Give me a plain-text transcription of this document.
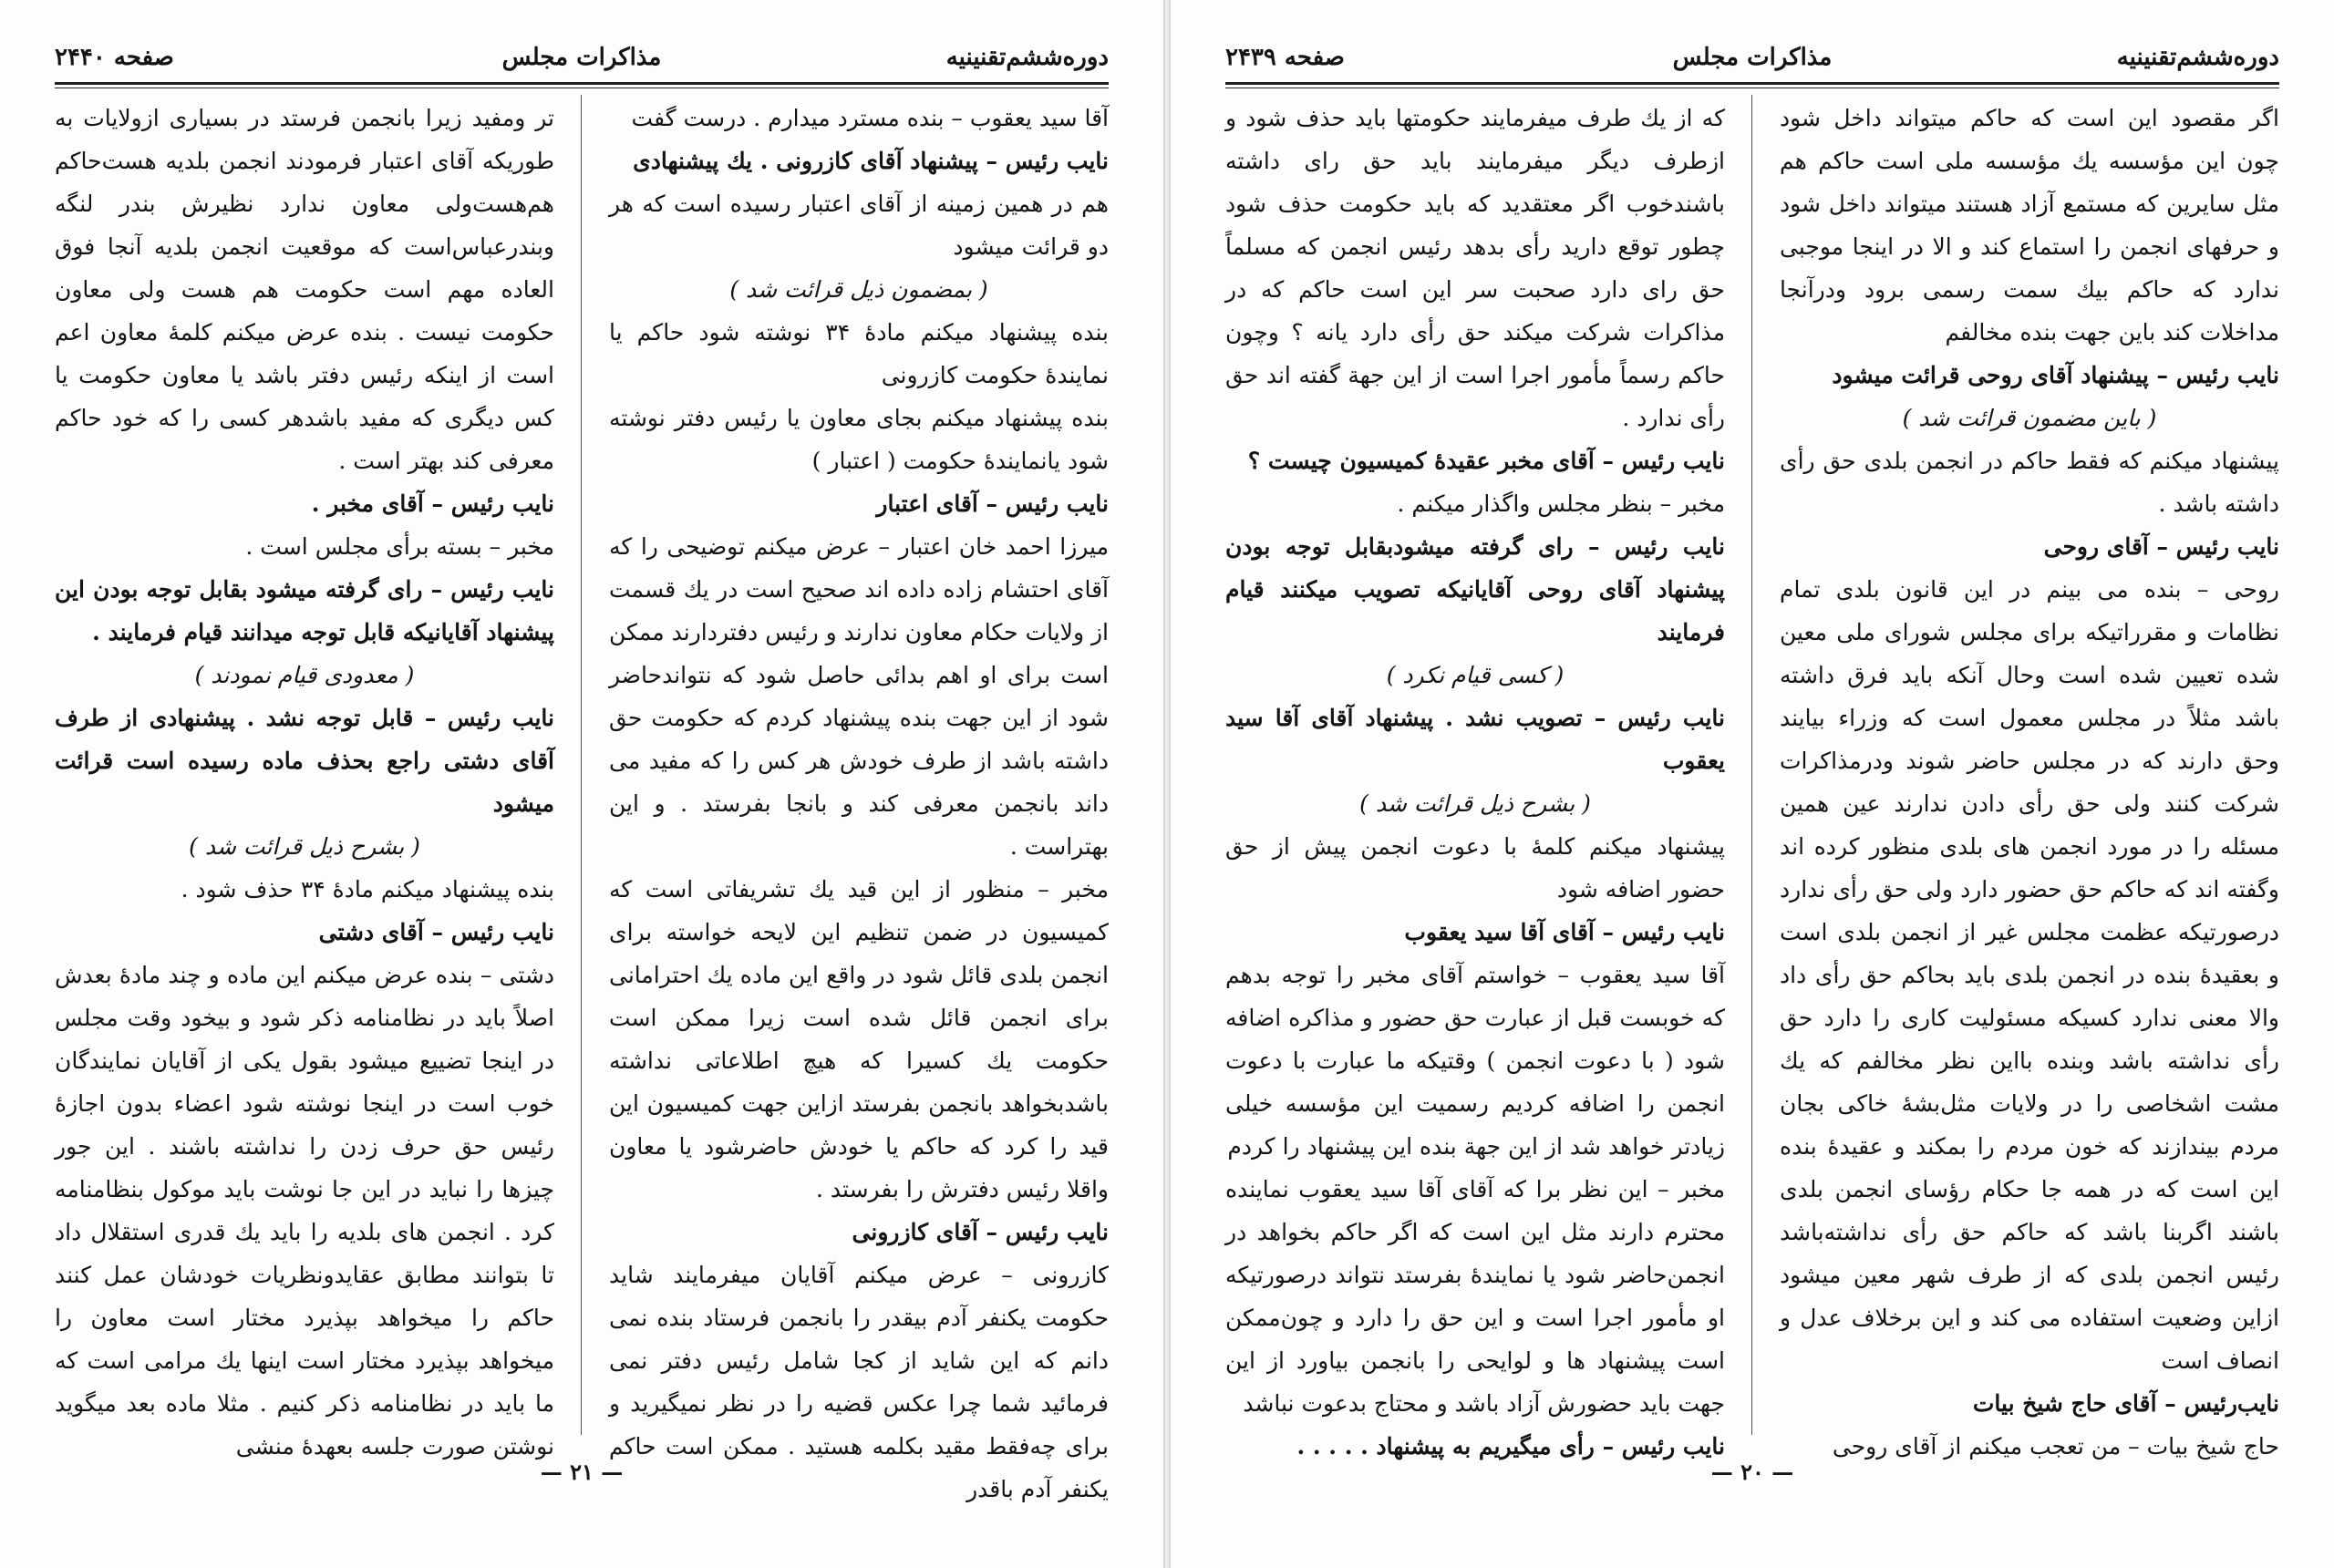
صفحه ۲۴۴۰	مذاکرات مجلس	دوره‌ششم‌تقنینیه
آقا سید یعقوب – بنده مسترد میدارم . درست گفت
نایب رئیس – پیشنهاد آقای کازرونی . یك پیشنهادی
هم در همین زمینه از آقای اعتبار رسیده است که هر دو قرائت میشود
( بمضمون ذیل قرائت شد )
بنده پیشنهاد میکنم مادهٔ ۳۴ نوشته شود حاکم یا نمایندهٔ حکومت کازرونی
بنده پیشنهاد میکنم بجای معاون یا رئیس دفتر نوشته شود یانمایندهٔ حکومت ( اعتبار )
نایب رئیس – آقای اعتبار
میرزا احمد خان اعتبار – عرض میکنم توضیحی را که آقای احتشام زاده داده اند صحیح است در یك قسمت از ولایات حکام معاون ندارند و رئیس دفتردارند ممکن است برای او اهم بدائی حاصل شود که نتواندحاضر شود از این جهت بنده پیشنهاد کردم که حکومت حق داشته باشد از طرف خودش هر کس را که مفید می داند بانجمن معرفی کند و بانجا بفرستد . و این بهتراست .
مخبر – منظور از این قید یك تشریفاتی است که کمیسیون در ضمن تنظیم این لایحه خواسته برای انجمن بلدی قائل شود در واقع این ماده یك احترامانی برای انجمن قائل شده است زیرا ممکن است حکومت یك کسیرا که هیچ اطلاعاتی نداشته باشدبخواهد بانجمن بفرستد ازاین جهت کمیسیون این قید را کرد که حاکم یا خودش حاضرشود یا معاون واقلا رئیس دفترش را بفرستد .
نایب رئیس – آقای کازرونی
کازرونی – عرض میکنم آقایان میفرمایند شاید حکومت یکنفر آدم بیقدر را بانجمن فرستاد بنده نمی دانم که این شاید از کجا شامل رئیس دفتر نمی فرمائید شما چرا عکس قضیه را در نظر نمیگیرید و برای چه‌فقط مقید بکلمه هستید . ممکن است حاکم یکنفر آدم باقدر
تر ومفید زیرا بانجمن فرستد در بسیاری ازولایات به طوریکه آقای اعتبار فرمودند انجمن بلدیه هست‌حاکم هم‌هست‌ولی معاون ندارد نظیرش بندر لنگه وبندرعباس‌است که موقعیت انجمن بلدیه آنجا فوق العاده مهم است حکومت هم هست ولی معاون حکومت نیست . بنده عرض میکنم کلمهٔ معاون اعم است از اینکه رئیس دفتر باشد یا معاون حکومت یا کس دیگری که مفید باشدهر کسی را که خود حاکم معرفی کند بهتر است .
نایب رئیس – آقای مخبر .
مخبر – بسته برأی مجلس است .
نایب رئیس – رای گرفته میشود بقابل توجه بودن این پیشنهاد آقایانیکه قابل توجه میدانند قیام فرمایند .
( معدودی قیام نمودند )
نایب رئیس – قابل توجه نشد . پیشنهادی از طرف آقای دشتی راجع بحذف ماده رسیده است قرائت میشود
( بشرح ذیل قرائت شد )
بنده پیشنهاد میکنم مادهٔ ۳۴ حذف شود .
نایب رئیس – آقای دشتی
دشتی – بنده عرض میکنم این ماده و چند مادهٔ بعدش اصلاً باید در نظامنامه ذکر شود و بیخود وقت مجلس در اینجا تضییع میشود بقول یکی از آقایان نمایندگان خوب است در اینجا نوشته شود اعضاء بدون اجازهٔ رئیس حق حرف زدن را نداشته باشند . این جور چیزها را نباید در این جا نوشت باید موکول بنظامنامه کرد . انجمن های بلدیه را باید یك قدری استقلال داد تا بتوانند مطابق عقایدونظریات خودشان عمل کنند حاکم را میخواهد بپذیرد مختار است معاون را میخواهد بپذیرد مختار است اینها یك مرامی است که ما باید در نظامنامه ذکر کنیم . مثلا ماده بعد میگوید نوشتن صورت جلسه بعهدهٔ منشی
— ۲۱ —
صفحه ۲۴۳۹	مذاکرات مجلس	دوره‌ششم‌تقنینیه
اگر مقصود این است که حاکم میتواند داخل شود چون این مؤسسه یك مؤسسه ملی است حاکم هم مثل سایرین که مستمع آزاد هستند میتواند داخل شود و حرفهای انجمن را استماع کند و الا در اینجا موجبی ندارد که حاکم بیك سمت رسمی برود ودرآنجا مداخلات کند باین جهت بنده مخالفم
نایب رئیس – پیشنهاد آقای روحی قرائت میشود
( باین مضمون قرائت شد )
پیشنهاد میکنم که فقط حاکم در انجمن بلدی حق رأی داشته باشد .
نایب رئیس – آقای روحی
روحی – بنده می بینم در این قانون بلدی تمام نظامات و مقرراتیکه برای مجلس شورای ملی معین شده تعیین شده است وحال آنکه باید فرق داشته باشد مثلاً در مجلس معمول است که وزراء بیایند وحق دارند که در مجلس حاضر شوند ودرمذاکرات شرکت کنند ولی حق رأی دادن ندارند عین همین مسئله را در مورد انجمن های بلدی منظور کرده اند وگفته اند که حاکم حق حضور دارد ولی حق رأی ندارد درصورتیکه عظمت مجلس غیر از انجمن بلدی است و بعقیدهٔ بنده در انجمن بلدی باید بحاکم حق رأی داد والا معنی ندارد کسیکه مسئولیت کاری را دارد حق رأی نداشته باشد وبنده بااین نظر مخالفم که یك مشت اشخاصی را در ولایات مثل‌بشهٔ خاکی بجان مردم بیندازند که خون مردم را بمکند و عقیدهٔ بنده این است که در همه جا حکام رؤسای انجمن بلدی باشند اگربنا باشد که حاکم حق رأی نداشته‌باشد رئیس انجمن بلدی که از طرف شهر معین میشود ازاین وضعیت استفاده می کند و این برخلاف عدل و انصاف است
نایب‌رئیس – آقای حاج شیخ بیات
حاج شیخ بیات – من تعجب میکنم از آقای روحی
که از یك طرف میفرمایند حکومتها باید حذف شود و ازطرف دیگر میفرمایند باید حق رای داشته باشندخوب اگر معتقدید که باید حکومت حذف شود چطور توقع دارید رأی بدهد رئیس انجمن که مسلماً حق رای دارد صحبت سر این است حاکم که در مذاکرات شرکت میکند حق رأی دارد یانه ؟ وچون حاکم رسماً مأمور اجرا است از این جهة گفته اند حق رأی ندارد .
نایب رئیس – آقای مخبر عقیدهٔ کمیسیون چیست ؟
مخبر – بنظر مجلس واگذار میکنم .
نایب رئیس – رای گرفته میشودبقابل توجه بودن پیشنهاد آقای روحی آقایانیکه تصویب میکنند قیام فرمایند
( کسی قیام نکرد )
نایب رئیس – تصویب نشد . پیشنهاد آقای آقا سید یعقوب
( بشرح ذیل قرائت شد )
پیشنهاد میکنم کلمهٔ با دعوت انجمن پیش از حق حضور اضافه شود
نایب رئیس – آقای آقا سید یعقوب
آقا سید یعقوب – خواستم آقای مخبر را توجه بدهم که خوبست قبل از عبارت حق حضور و مذاکره اضافه شود ( با دعوت انجمن ) وقتیکه ما عبارت با دعوت انجمن را اضافه کردیم رسمیت این مؤسسه خیلی زیادتر خواهد شد از این جهة بنده این پیشنهاد را کردم
مخبر – این نظر برا که آقای آقا سید یعقوب نماینده محترم دارند مثل این است که اگر حاکم بخواهد در انجمن‌حاضر شود یا نمایندهٔ بفرستد نتواند درصورتیکه او مأمور اجرا است و این حق را دارد و چون‌ممکن است پیشنهاد ها و لوایحی را بانجمن بیاورد از این جهت باید حضورش آزاد باشد و محتاج بدعوت نباشد
نایب رئیس – رأی میگیریم به پیشنهاد . . . . .
— ۲۰ —
